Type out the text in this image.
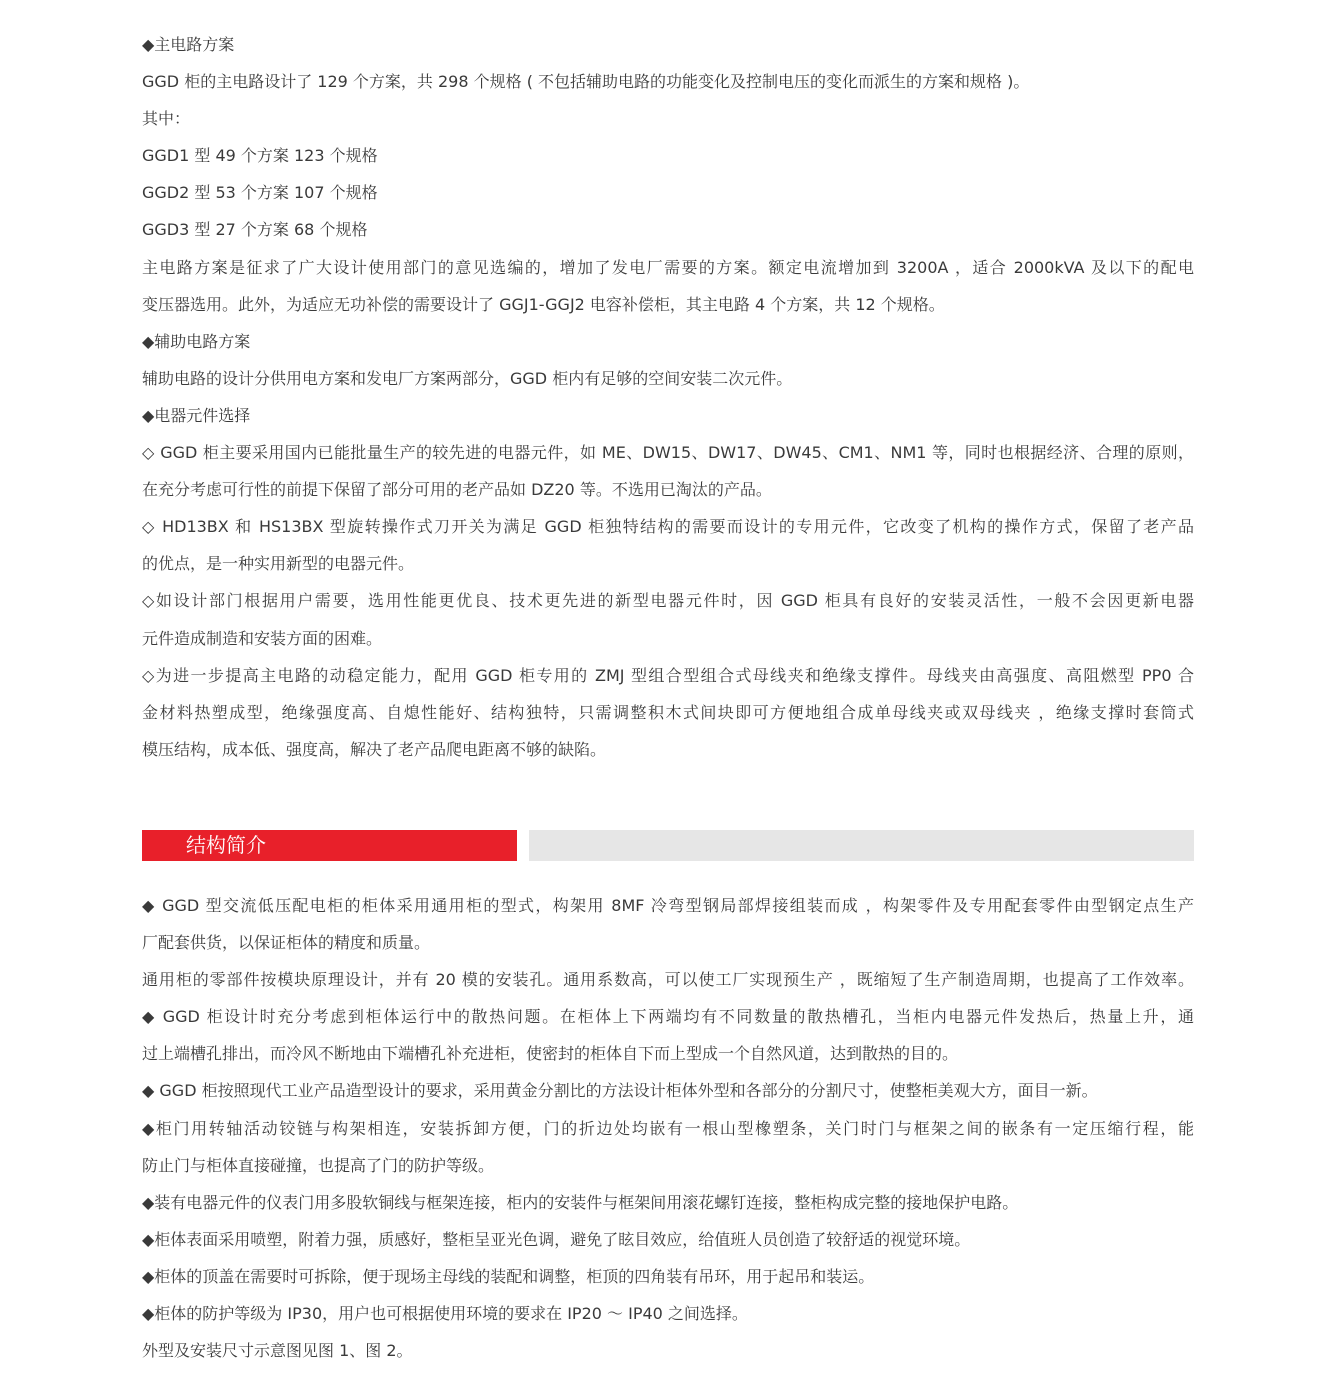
◆主电路方案
GGD 柜的主电路设计了 129 个方案，共 298 个规格 ( 不包括辅助电路的功能变化及控制电压的变化而派生的方案和规格 )。
其中：
GGD1 型 49 个方案 123 个规格
GGD2 型 53 个方案 107 个规格
GGD3 型 27 个方案 68 个规格
主电路方案是征求了广大设计使用部门的意见选编的，增加了发电厂需要的方案。额定电流增加到 3200A ，适合 2000kVA 及以下的配电
变压器选用。此外，为适应无功补偿的需要设计了 GGJ1-GGJ2 电容补偿柜，其主电路 4 个方案，共 12 个规格。
◆辅助电路方案
辅助电路的设计分供用电方案和发电厂方案两部分，GGD 柜内有足够的空间安装二次元件。
◆电器元件选择
◇ GGD 柜主要采用国内已能批量生产的较先进的电器元件，如 ME、DW15、DW17、DW45、CM1、NM1 等，同时也根据经济、合理的原则，
在充分考虑可行性的前提下保留了部分可用的老产品如 DZ20 等。不选用已淘汰的产品。
◇ HD13BX 和 HS13BX 型旋转操作式刀开关为满足 GGD 柜独特结构的需要而设计的专用元件，它改变了机构的操作方式，保留了老产品
的优点，是一种实用新型的电器元件。
◇如设计部门根据用户需要，选用性能更优良、技术更先进的新型电器元件时，因 GGD 柜具有良好的安装灵活性，一般不会因更新电器
元件造成制造和安装方面的困难。
◇为进一步提高主电路的动稳定能力，配用 GGD 柜专用的 ZMJ 型组合型组合式母线夹和绝缘支撑件。母线夹由高强度、高阻燃型 PP0 合
金材料热塑成型，绝缘强度高、自熄性能好、结构独特，只需调整积木式间块即可方便地组合成单母线夹或双母线夹 ，绝缘支撑时套筒式
模压结构，成本低、强度高，解决了老产品爬电距离不够的缺陷。
结构简介
◆ GGD 型交流低压配电柜的柜体采用通用柜的型式，构架用 8MF 冷弯型钢局部焊接组装而成 ，构架零件及专用配套零件由型钢定点生产
厂配套供货，以保证柜体的精度和质量。
通用柜的零部件按模块原理设计，并有 20 模的安装孔。通用系数高，可以使工厂实现预生产 ，既缩短了生产制造周期，也提高了工作效率。
◆ GGD 柜设计时充分考虑到柜体运行中的散热问题。在柜体上下两端均有不同数量的散热槽孔，当柜内电器元件发热后，热量上升，通
过上端槽孔排出，而冷风不断地由下端槽孔补充进柜，使密封的柜体自下而上型成一个自然风道，达到散热的目的。
◆ GGD 柜按照现代工业产品造型设计的要求，采用黄金分割比的方法设计柜体外型和各部分的分割尺寸，使整柜美观大方，面目一新。
◆柜门用转轴活动铰链与构架相连，安装拆卸方便，门的折边处均嵌有一根山型橡塑条，关门时门与框架之间的嵌条有一定压缩行程，能
防止门与柜体直接碰撞，也提高了门的防护等级。
◆装有电器元件的仪表门用多股软铜线与框架连接，柜内的安装件与框架间用滚花螺钉连接，整柜构成完整的接地保护电路。
◆柜体表面采用喷塑，附着力强，质感好，整柜呈亚光色调，避免了眩目效应，给值班人员创造了较舒适的视觉环境。
◆柜体的顶盖在需要时可拆除，便于现场主母线的装配和调整，柜顶的四角装有吊环，用于起吊和装运。
◆柜体的防护等级为 IP30，用户也可根据使用环境的要求在 IP20 ～ IP40 之间选择。
外型及安装尺寸示意图见图 1、图 2。
